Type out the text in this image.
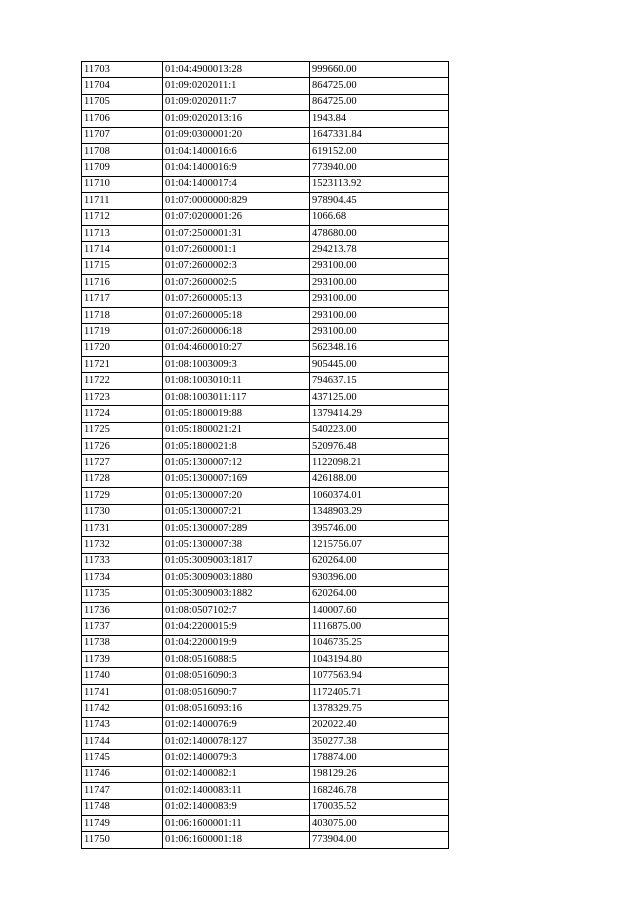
11703	01:04:4900013:28	999660.00
11704	01:09:0202011:1	864725.00
11705	01:09:0202011:7	864725.00
11706	01:09:0202013:16	1943.84
11707	01:09:0300001:20	1647331.84
11708	01:04:1400016:6	619152.00
11709	01:04:1400016:9	773940.00
11710	01:04:1400017:4	1523113.92
11711	01:07:0000000:829	978904.45
11712	01:07:0200001:26	1066.68
11713	01:07:2500001:31	478680.00
11714	01:07:2600001:1	294213.78
11715	01:07:2600002:3	293100.00
11716	01:07:2600002:5	293100.00
11717	01:07:2600005:13	293100.00
11718	01:07:2600005:18	293100.00
11719	01:07:2600006:18	293100.00
11720	01:04:4600010:27	562348.16
11721	01:08:1003009:3	905445.00
11722	01:08:1003010:11	794637.15
11723	01:08:1003011:117	437125.00
11724	01:05:1800019:88	1379414.29
11725	01:05:1800021:21	540223.00
11726	01:05:1800021:8	520976.48
11727	01:05:1300007:12	1122098.21
11728	01:05:1300007:169	426188.00
11729	01:05:1300007:20	1060374.01
11730	01:05:1300007:21	1348903.29
11731	01:05:1300007:289	395746.00
11732	01:05:1300007:38	1215756.07
11733	01:05:3009003:1817	620264.00
11734	01:05:3009003:1880	930396.00
11735	01:05:3009003:1882	620264.00
11736	01:08:0507102:7	140007.60
11737	01:04:2200015:9	1116875.00
11738	01:04:2200019:9	1046735.25
11739	01:08:0516088:5	1043194.80
11740	01:08:0516090:3	1077563.94
11741	01:08:0516090:7	1172405.71
11742	01:08:0516093:16	1378329.75
11743	01:02:1400076:9	202022.40
11744	01:02:1400078:127	350277.38
11745	01:02:1400079:3	178874.00
11746	01:02:1400082:1	198129.26
11747	01:02:1400083:11	168246.78
11748	01:02:1400083:9	170035.52
11749	01:06:1600001:11	403075.00
11750	01:06:1600001:18	773904.00
